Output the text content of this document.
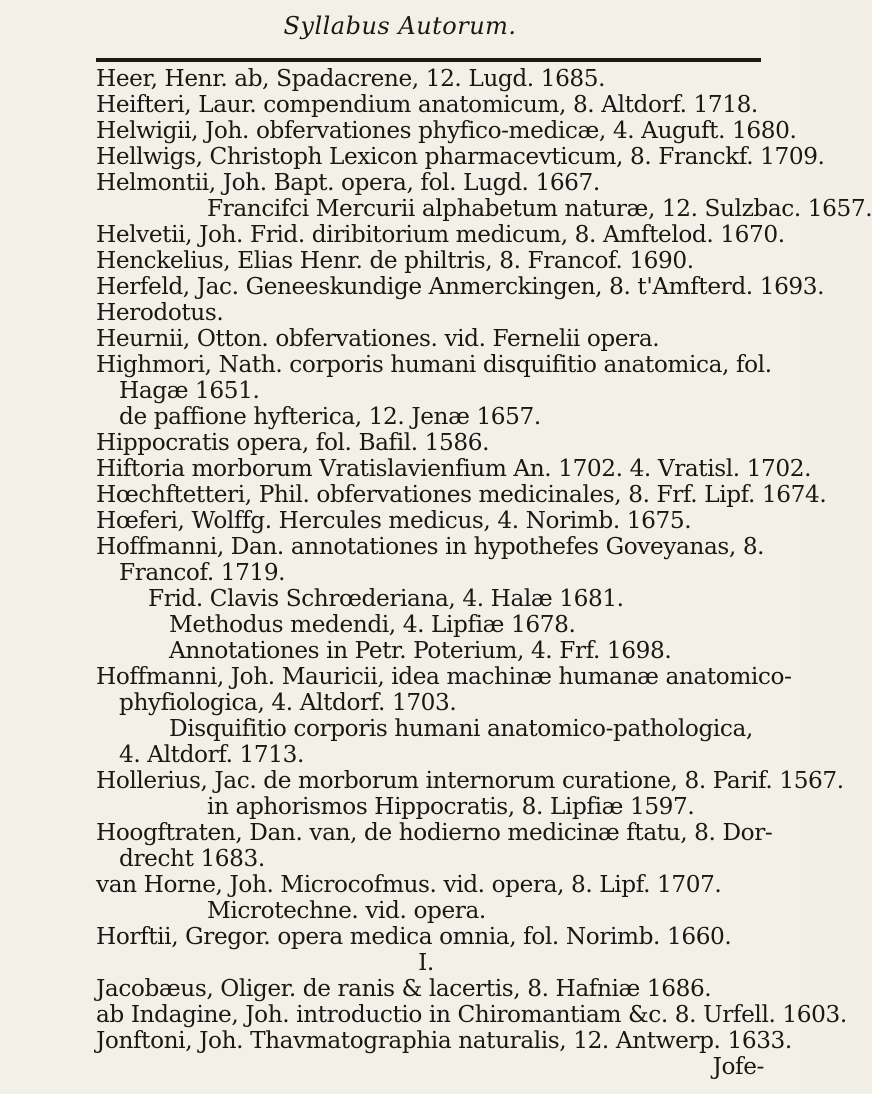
Syllabus Autorum.
Heer, Henr. ab, Spadacrene, 12. Lugd. 1685.
Heifteri, Laur. compendium anatomicum, 8. Altdorf. 1718.
Helwigii, Joh. obfervationes phyfico-medicæ, 4. Auguft. 1680.
Hellwigs, Christoph Lexicon pharmacevticum, 8. Franckf. 1709.
Helmontii, Joh. Bapt. opera, fol. Lugd. 1667.
Francifci Mercurii alphabetum naturæ, 12. Sulzbac. 1657.
Helvetii, Joh. Frid. diribitorium medicum, 8. Amftelod. 1670.
Henckelius, Elias Henr. de philtris, 8. Francof. 1690.
Herfeld, Jac. Geneeskundige Anmerckingen, 8. t'Amfterd. 1693.
Herodotus.
Heurnii, Otton. obfervationes. vid. Fernelii opera.
Highmori, Nath. corporis humani disquifitio anatomica, fol.
Hagæ 1651.
de paffione hyfterica, 12. Jenæ 1657.
Hippocratis opera, fol. Bafil. 1586.
Hiftoria morborum Vratislavienfium An. 1702. 4. Vratisl. 1702.
Hœchftetteri, Phil. obfervationes medicinales, 8. Frf. Lipf. 1674.
Hœferi, Wolffg. Hercules medicus, 4. Norimb. 1675.
Hoffmanni, Dan. annotationes in hypothefes Goveyanas, 8.
Francof. 1719.
Frid. Clavis Schrœderiana, 4. Halæ 1681.
Methodus medendi, 4. Lipfiæ 1678.
Annotationes in Petr. Poterium, 4. Frf. 1698.
Hoffmanni, Joh. Mauricii, idea machinæ humanæ anatomico-
phyfiologica, 4. Altdorf. 1703.
Disquifitio corporis humani anatomico-pathologica,
4. Altdorf. 1713.
Hollerius, Jac. de morborum internorum curatione, 8. Parif. 1567.
in aphorismos Hippocratis, 8. Lipfiæ 1597.
Hoogftraten, Dan. van, de hodierno medicinæ ftatu, 8. Dor-
drecht 1683.
van Horne, Joh. Microcofmus. vid. opera, 8. Lipf. 1707.
Microtechne. vid. opera.
Horftii, Gregor. opera medica omnia, fol. Norimb. 1660.
I.
Jacobæus, Oliger. de ranis & lacertis, 8. Hafniæ 1686.
ab Indagine, Joh. introductio in Chiromantiam &c. 8. Urfell. 1603.
Jonftoni, Joh. Thavmatographia naturalis, 12. Antwerp. 1633.
Jofe-
